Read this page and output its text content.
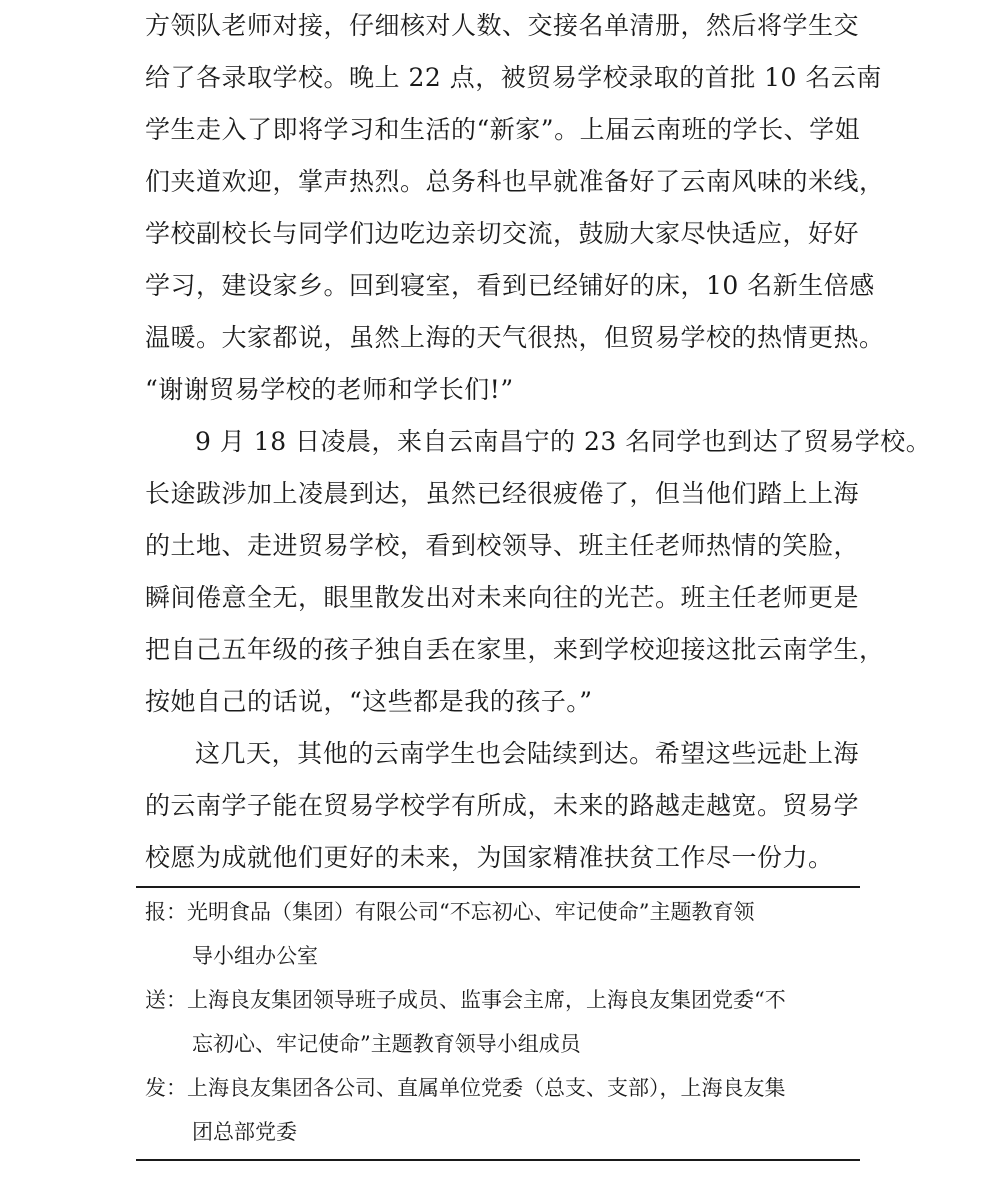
方领队老师对接，仔细核对人数、交接名单清册，然后将学生交
给了各录取学校。晚上 22 点，被贸易学校录取的首批 10 名云南
学生走入了即将学习和生活的“新家”。上届云南班的学长、学姐
们夹道欢迎，掌声热烈。总务科也早就准备好了云南风味的米线，
学校副校长与同学们边吃边亲切交流，鼓励大家尽快适应，好好
学习，建设家乡。回到寝室，看到已经铺好的床，10 名新生倍感
温暖。大家都说，虽然上海的天气很热，但贸易学校的热情更热。
“谢谢贸易学校的老师和学长们!”
9 月 18 日凌晨，来自云南昌宁的 23 名同学也到达了贸易学校。
长途跋涉加上凌晨到达，虽然已经很疲倦了，但当他们踏上上海
的土地、走进贸易学校，看到校领导、班主任老师热情的笑脸，
瞬间倦意全无，眼里散发出对未来向往的光芒。班主任老师更是
把自己五年级的孩子独自丢在家里，来到学校迎接这批云南学生，
按她自己的话说，“这些都是我的孩子。”
这几天，其他的云南学生也会陆续到达。希望这些远赴上海
的云南学子能在贸易学校学有所成，未来的路越走越宽。贸易学
校愿为成就他们更好的未来，为国家精准扶贫工作尽一份力。
报：光明食品（集团）有限公司“不忘初心、牢记使命”主题教育领
导小组办公室
送：上海良友集团领导班子成员、监事会主席，上海良友集团党委“不
忘初心、牢记使命”主题教育领导小组成员
发：上海良友集团各公司、直属单位党委（总支、支部），上海良友集
团总部党委
